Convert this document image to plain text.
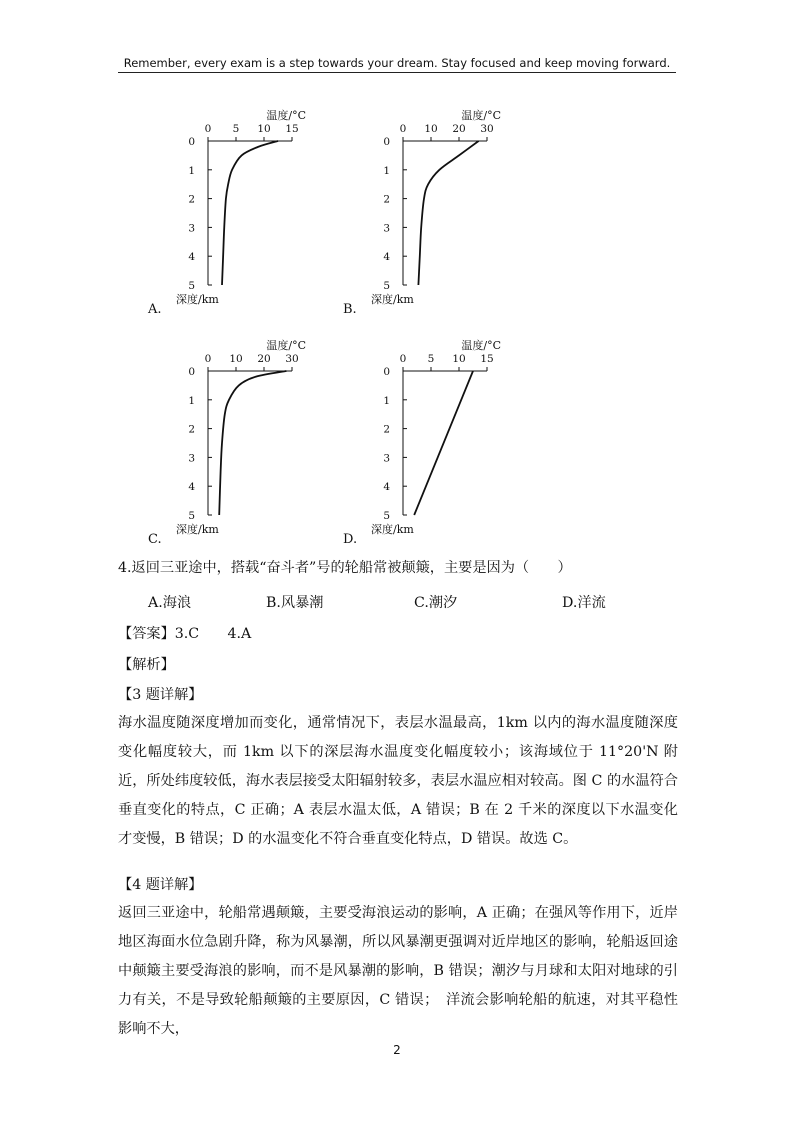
Remember, every exam is a step towards your dream. Stay focused and keep moving forward.
0 5 10 15
0
1
2
3
4
5
温度/°C
深度/km
0 10 20 30
0
1
2
3
4
5
温度/°C
深度/km
0 10 20 30
0
1
2
3
4
5
温度/°C
深度/km
0 5 10 15
0
1
2
3
4
5
温度/°C
深度/km
A.	B.
C.	D.
4.返回三亚途中，搭载“奋斗者”号的轮船常被颠簸，主要是因为（　　）
A.海浪	B.风暴潮	C.潮汐	D.洋流
【答案】3.C　　4.A
【解析】
【3 题详解】
海水温度随深度增加而变化，通常情况下，表层水温最高，1km 以内的海水温度随深度变化幅度较大，而 1km 以下的深层海水温度变化幅度较小；该海域位于 11°20'N 附近，所处纬度较低，海水表层接受太阳辐射较多，表层水温应相对较高。图 C 的水温符合垂直变化的特点，C 正确；A 表层水温太低，A 错误；B 在 2 千米的深度以下水温变化才变慢，B 错误；D 的水温变化不符合垂直变化特点，D 错误。故选 C。
【4 题详解】
返回三亚途中，轮船常遇颠簸，主要受海浪运动的影响，A 正确；在强风等作用下，近岸地区海面水位急剧升降，称为风暴潮，所以风暴潮更强调对近岸地区的影响，轮船返回途中颠簸主要受海浪的影响，而不是风暴潮的影响，B 错误；潮汐与月球和太阳对地球的引力有关，不是导致轮船颠簸的主要原因，C 错误；　洋流会影响轮船的航速，对其平稳性影响不大，
2
